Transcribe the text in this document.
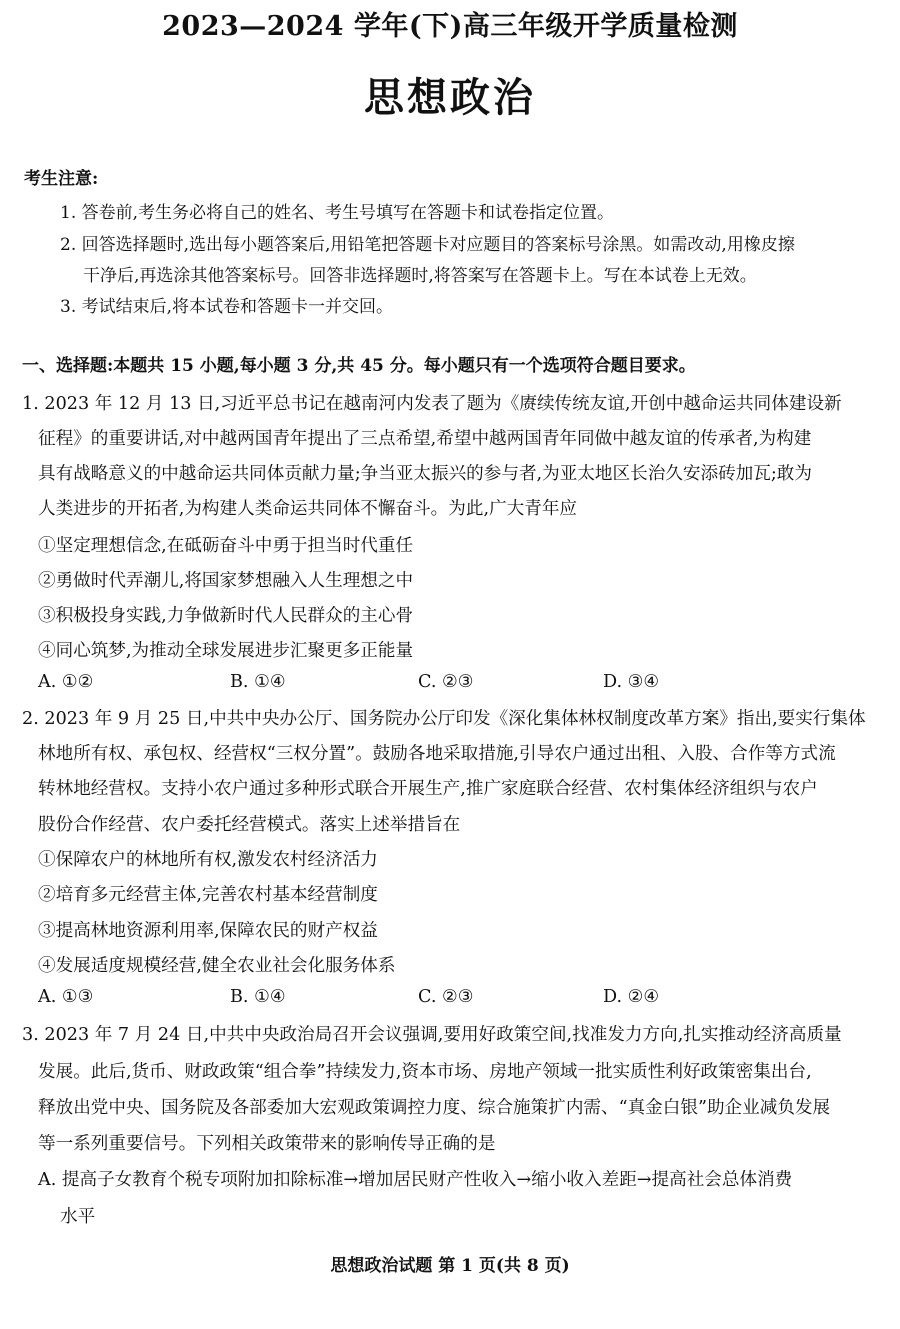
2023—2024 学年(下)高三年级开学质量检测
思想政治
考生注意:
1. 答卷前,考生务必将自己的姓名、考生号填写在答题卡和试卷指定位置。
2. 回答选择题时,选出每小题答案后,用铅笔把答题卡对应题目的答案标号涂黑。如需改动,用橡皮擦
干净后,再选涂其他答案标号。回答非选择题时,将答案写在答题卡上。写在本试卷上无效。
3. 考试结束后,将本试卷和答题卡一并交回。
一、选择题:本题共 15 小题,每小题 3 分,共 45 分。每小题只有一个选项符合题目要求。
1. 2023 年 12 月 13 日,习近平总书记在越南河内发表了题为《赓续传统友谊,开创中越命运共同体建设新
征程》的重要讲话,对中越两国青年提出了三点希望,希望中越两国青年同做中越友谊的传承者,为构建
具有战略意义的中越命运共同体贡献力量;争当亚太振兴的参与者,为亚太地区长治久安添砖加瓦;敢为
人类进步的开拓者,为构建人类命运共同体不懈奋斗。为此,广大青年应
①坚定理想信念,在砥砺奋斗中勇于担当时代重任
②勇做时代弄潮儿,将国家梦想融入人生理想之中
③积极投身实践,力争做新时代人民群众的主心骨
④同心筑梦,为推动全球发展进步汇聚更多正能量
A. ①②	B. ①④	C. ②③	D. ③④
2. 2023 年 9 月 25 日,中共中央办公厅、国务院办公厅印发《深化集体林权制度改革方案》指出,要实行集体
林地所有权、承包权、经营权“三权分置”。鼓励各地采取措施,引导农户通过出租、入股、合作等方式流
转林地经营权。支持小农户通过多种形式联合开展生产,推广家庭联合经营、农村集体经济组织与农户
股份合作经营、农户委托经营模式。落实上述举措旨在
①保障农户的林地所有权,激发农村经济活力
②培育多元经营主体,完善农村基本经营制度
③提高林地资源利用率,保障农民的财产权益
④发展适度规模经营,健全农业社会化服务体系
A. ①③	B. ①④	C. ②③	D. ②④
3. 2023 年 7 月 24 日,中共中央政治局召开会议强调,要用好政策空间,找准发力方向,扎实推动经济高质量
发展。此后,货币、财政政策“组合拳”持续发力,资本市场、房地产领域一批实质性利好政策密集出台,
释放出党中央、国务院及各部委加大宏观政策调控力度、综合施策扩内需、“真金白银”助企业减负发展
等一系列重要信号。下列相关政策带来的影响传导正确的是
A. 提高子女教育个税专项附加扣除标准→增加居民财产性收入→缩小收入差距→提高社会总体消费
水平
思想政治试题 第 1 页(共 8 页)
